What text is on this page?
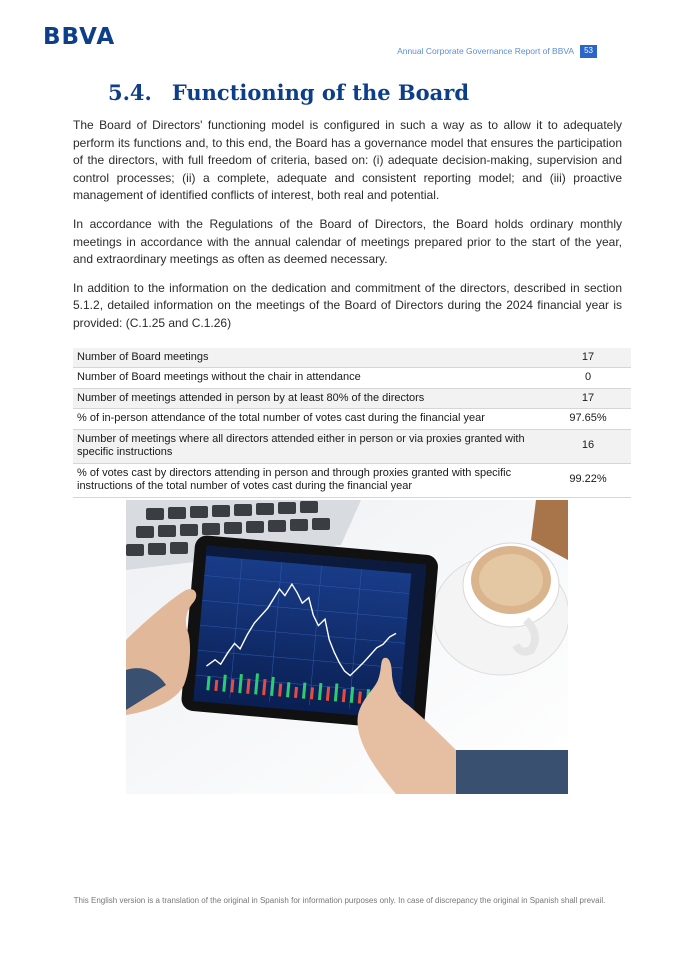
BBVA
Annual Corporate Governance Report of BBVA	53
5.4. Functioning of the Board

The Board of Directors' functioning model is configured in such a way as to allow it to adequately perform its functions and, to this end, the Board has a governance model that ensures the participation of the directors, with full freedom of criteria, based on: (i) adequate decision-making, supervision and control processes; (ii) a complete, adequate and consistent reporting model; and (iii) proactive management of identified conflicts of interest, both real and potential.

In accordance with the Regulations of the Board of Directors, the Board holds ordinary monthly meetings in accordance with the annual calendar of meetings prepared prior to the start of the year, and extraordinary meetings as often as deemed necessary.

In addition to the information on the dedication and commitment of the directors, described in section 5.1.2, detailed information on the meetings of the Board of Directors during the 2024 financial year is provided: (C.1.25 and C.1.26)

Number of Board meetings	17
Number of Board meetings without the chair in attendance	0
Number of meetings attended in person by at least 80% of the directors	17
% of in-person attendance of the total number of votes cast during the financial year	97.65%
Number of meetings where all directors attended either in person or via proxies granted with specific instructions	16
% of votes cast by directors attending in person and through proxies granted with specific instructions of the total number of votes cast during the financial year	99.22%
This English version is a translation of the original in Spanish for information purposes only. In case of discrepancy the original in Spanish shall prevail.
